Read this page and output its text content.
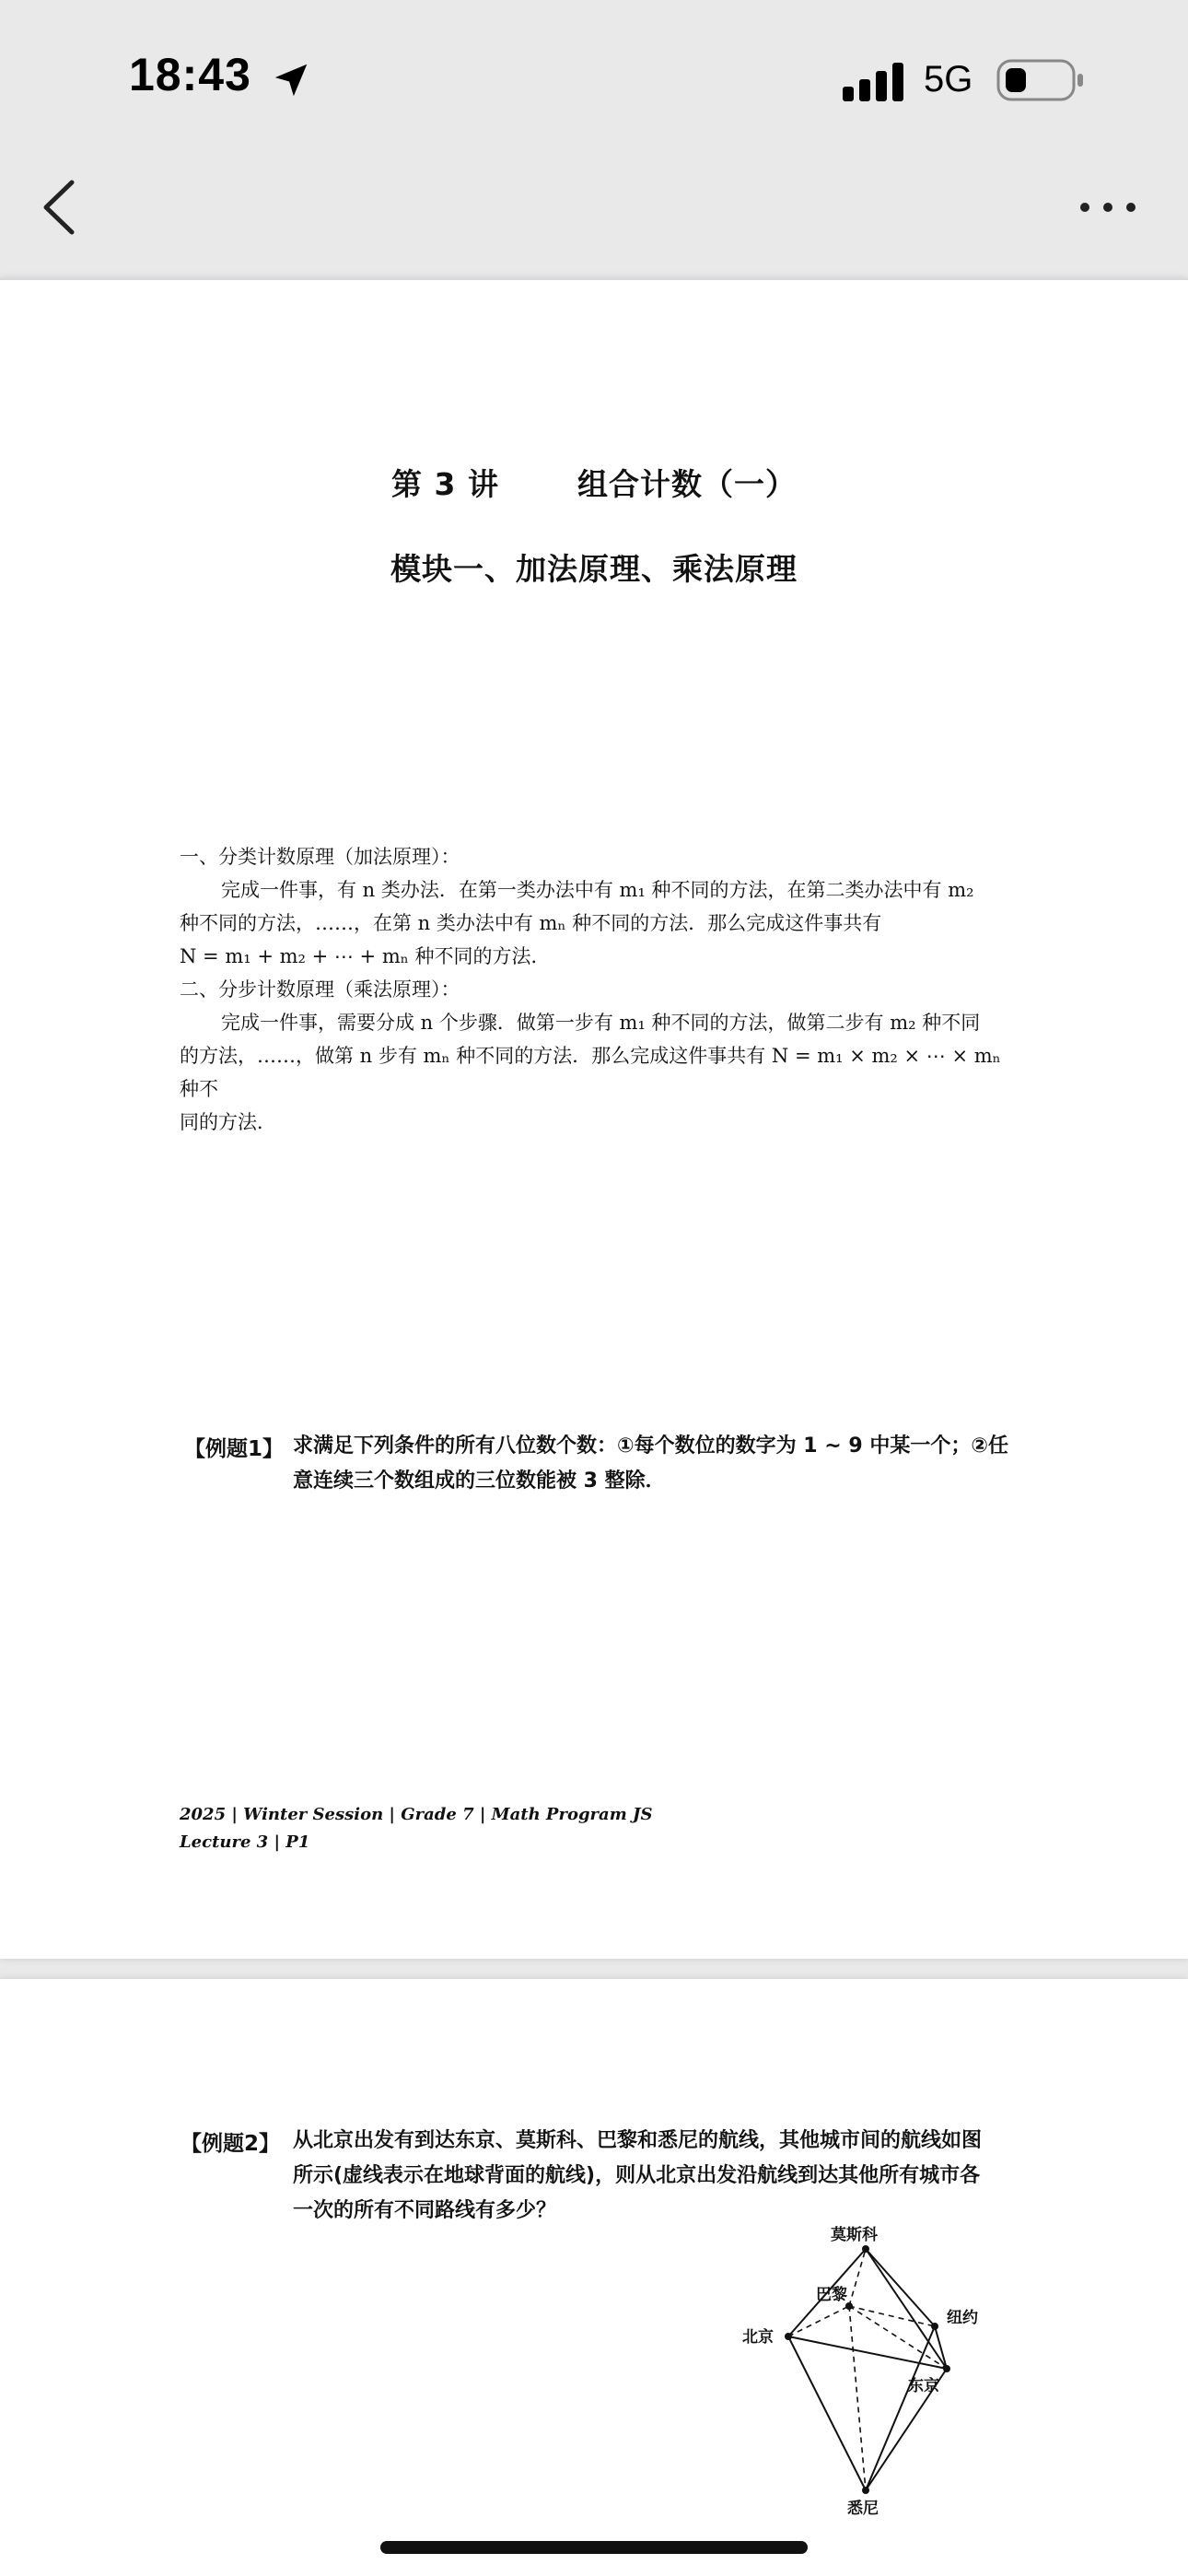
18:43	5G
第 3 讲	组合计数（一）
模块一、加法原理、乘法原理

一、分类计数原理（加法原理）：

完成一件事，有 n 类办法．在第一类办法中有 m₁ 种不同的方法，在第二类办法中有 m₂

种不同的方法，……，在第 n 类办法中有 mₙ 种不同的方法．那么完成这件事共有

N = m₁ + m₂ + ⋯ + mₙ 种不同的方法．

二、分步计数原理（乘法原理）：

完成一件事，需要分成 n 个步骤．做第一步有 m₁ 种不同的方法，做第二步有 m₂ 种不同

的方法，……，做第 n 步有 mₙ 种不同的方法．那么完成这件事共有 N = m₁ × m₂ × ⋯ × mₙ 种不

同的方法．

【例题1】 求满足下列条件的所有八位数个数：①每个数位的数字为 1 ~ 9 中某一个；②任
意连续三个数组成的三位数能被 3 整除．
2025 | Winter Session | Grade 7 | Math Program JS
Lecture 3 | P1
【例题2】 从北京出发有到达东京、莫斯科、巴黎和悉尼的航线，其他城市间的航线如图
所示(虚线表示在地球背面的航线)，则从北京出发沿航线到达其他所有城市各
一次的所有不同路线有多少？
莫斯科
巴黎
北京
纽约
东京
悉尼
